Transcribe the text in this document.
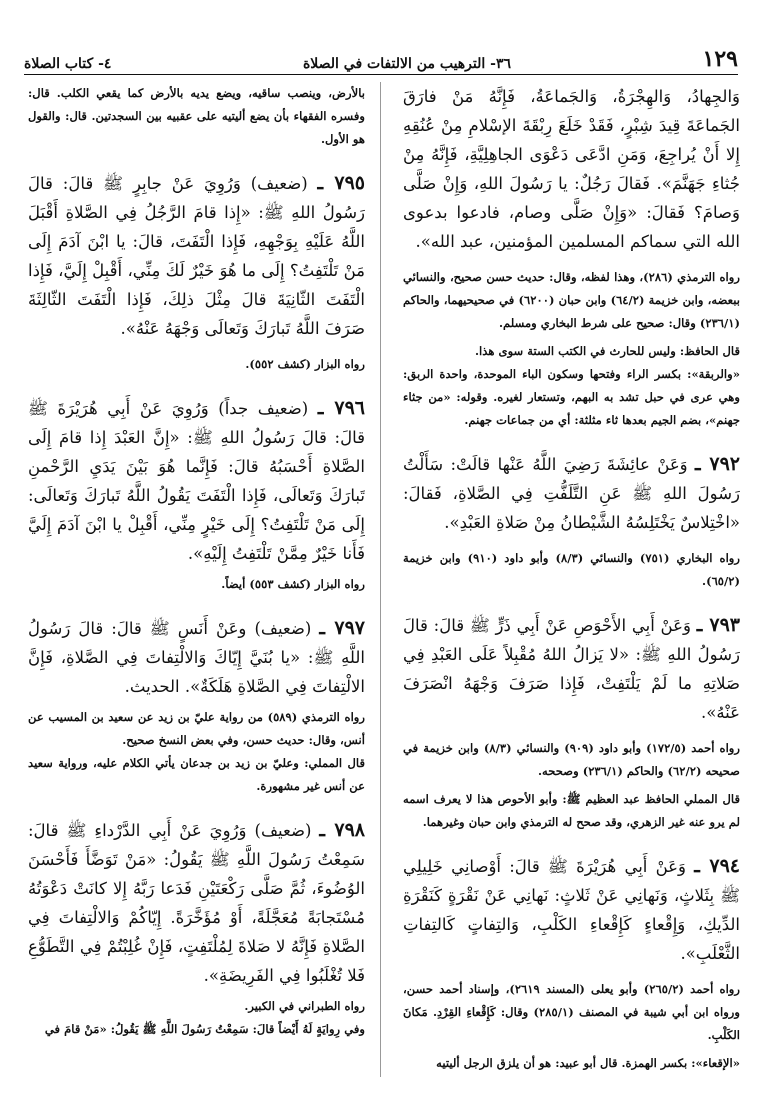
١٢٩
٣٦- الترهيب من الالتفات في الصلاة
٤- كتاب الصلاة

وَالجِهادُ، وَالهِجْرَةُ، وَالجَماعَةُ، فَإِنَّهُ مَنْ فارَقَ الجَماعَةَ قِيدَ شِبْرٍ، فَقَدْ خَلَعَ رِبْقَةَ الإسْلامِ مِنْ عُنُقِهِ إِلا أَنْ يُراجِعَ، وَمَنِ ادَّعَى دَعْوَى الجاهِلِيَّةِ، فَإِنَّهُ مِنْ جُثاءِ جَهَنَّمَ». فَقالَ رَجُلٌ: يا رَسُولَ اللهِ، وَإِنْ صَلَّى وَصامَ؟ فَقالَ: «وَإِنْ صَلَّى وصام، فادعوا بدعوى الله التي سماكم المسلمين المؤمنين، عبد الله».

رواه الترمذي (٢٨٦)، وهذا لفظه، وقال: حديث حسن صحيح، والنسائي ببعضه، وابن خزيمة (٦٤/٢) وابن حبان (٦٢٠٠) في صحيحيهما، والحاكم (٢٣٦/١) وقال: صحيح على شرط البخاري ومسلم.

قال الحافظ: وليس للحارث في الكتب الستة سوى هذا.

«والربقة»: بكسر الراء وفتحها وسكون الباء الموحدة، واحدة الربق: وهي عرى في حبل تشد به البهم، وتستعار لغيره. وقوله: «من جثاء جهنم»، بضم الجيم بعدها ثاء مثلثة: أي من جماعات جهنم.

٧٩٢ ـ وَعَنْ عائِشَةَ رَضِيَ اللَّهُ عَنْها قالَتْ: سَأَلْتُ رَسُولَ اللهِ ﷺ عَنِ التَّلَفُّتِ فِي الصَّلاةِ، فَقالَ: «اخْتِلاسٌ يَخْتَلِسُهُ الشَّيْطانُ مِنْ صَلاةِ العَبْدِ».

رواه البخاري (٧٥١) والنسائي (٨/٣) وأبو داود (٩١٠) وابن خزيمة (٦٥/٢).

٧٩٣ ـ وَعَنْ أَبِي الأَحْوَصِ عَنْ أَبِي ذَرٍّ ﷺ قالَ: قالَ رَسُولُ اللهِ ﷺ: «لا يَزالُ اللهُ مُقْبِلاً عَلَى العَبْدِ فِي صَلاتِهِ ما لَمْ يَلْتَفِتْ، فَإِذا صَرَفَ وَجْهَهُ انْصَرَفَ عَنْهُ».

رواه أحمد (١٧٢/٥) وأبو داود (٩٠٩) والنسائي (٨/٣) وابن خزيمة في صحيحه (٦٢/٢) والحاكم (٢٣٦/١) وصححه.

قال المملي الحافظ عبد العظيم ﷺ: وأبو الأحوص هذا لا يعرف اسمه لم يرو عنه غير الزهري، وقد صحح له الترمذي وابن حبان وغيرهما.

٧٩٤ ـ وَعَنْ أَبِي هُرَيْرَةَ ﷺ قالَ: أَوْصانِي خَلِيلِي ﷺ بِثَلاثٍ، وَنَهانِي عَنْ ثَلاثٍ: نَهانِي عَنْ نَقْرَةٍ كَنَقْرَةِ الدِّيكِ، وَإِقْعاءٍ كَإِقْعاءِ الكَلْبِ، وَالتِفاتٍ كَالتِفاتِ الثَّعْلَبِ».

رواه أحمد (٢٦٥/٢) وأبو يعلى (المسند ٢٦١٩)، وإسناد أحمد حسن، ورواه ابن أبي شيبة في المصنف (٢٨٥/١) وقال: كَإِقْعاءِ القِرْدِ. مَكانَ الكَلْبِ.

«الإقعاء»: بكسر الهمزة. قال أبو عبيد: هو أن يلزق الرجل أليتيه

بالأرض، وينصب ساقيه، ويضع يديه بالأرض كما يقعي الكلب. قال: وفسره الفقهاء بأن يضع أليتيه على عقبيه بين السجدتين. قال: والقول هو الأول.

٧٩٥ ـ (ضعيف) وَرُوِيَ عَنْ جابِرٍ ﷺ قالَ: قالَ رَسُولُ اللهِ ﷺ: «إِذا قامَ الرَّجُلُ فِي الصَّلاةِ أَقْبَلَ اللَّهُ عَلَيْهِ بِوَجْهِهِ، فَإِذا الْتَفَتَ، قالَ: يا ابْنَ آدَمَ إِلَى مَنْ تَلْتَفِتُ؟ إِلَى ما هُوَ خَيْرٌ لَكَ مِنِّي، أَقْبِلْ إِلَيَّ، فَإِذا الْتَفَتَ الثّانِيَةَ قالَ مِثْلَ ذلِكَ، فَإِذا الْتَفَتَ الثّالِثَةَ صَرَفَ اللَّهُ تَبارَكَ وَتَعالَى وَجْهَهُ عَنْهُ».

رواه البزار (كشف ٥٥٢).

٧٩٦ ـ (ضعيف جداً) وَرُوِيَ عَنْ أَبِي هُرَيْرَةَ ﷺ قالَ: قالَ رَسُولُ اللهِ ﷺ: «إِنَّ العَبْدَ إِذا قامَ إِلَى الصَّلاةِ أَحْسَبُهُ قالَ: فَإِنَّما هُوَ بَيْنَ يَدَيِ الرَّحْمنِ تَبارَكَ وَتَعالَى، فَإِذا الْتَفَتَ يَقُولُ اللَّهُ تَبارَكَ وَتَعالَى: إِلَى مَنْ تَلْتَفِتُ؟ إِلَى خَيْرٍ مِنِّي، أَقْبِلْ يا ابْنَ آدَمَ إِلَيَّ فَأَنا خَيْرٌ مِمَّنْ تَلْتَفِتُ إِلَيْهِ».

رواه البزار (كشف ٥٥٣) أيضاً.

٧٩٧ ـ (ضعيف) وعَنْ أَنَسٍ ﷺ قالَ: قالَ رَسُولُ اللَّهِ ﷺ: «يا بُنَيَّ إِيّاكَ وَالالْتِفاتَ فِي الصَّلاةِ، فَإِنَّ الالْتِفاتَ فِي الصَّلاةِ هَلَكَةٌ». الحديث.

رواه الترمذي (٥٨٩) من رواية عليّ بن زيد عن سعيد بن المسيب عن أنس، وقال: حديث حسن، وفي بعض النسخ صحيح.

قال المملي: وعليّ بن زيد بن جدعان يأتي الكلام عليه، ورواية سعيد عن أنس غير مشهورة.

٧٩٨ ـ (ضعيف) وَرُوِيَ عَنْ أَبِي الدَّرْداءِ ﷺ قالَ: سَمِعْتُ رَسُولَ اللَّهِ ﷺ يَقُولُ: «مَنْ تَوَضَّأَ فَأَحْسَنَ الوُضُوءَ، ثُمَّ صَلَّى رَكْعَتَيْنِ فَدَعا رَبَّهُ إِلا كانَتْ دَعْوَتُهُ مُسْتَجابَةً مُعَجَّلَةً، أَوْ مُؤَخَّرَةً. إِيّاكُمْ وَالالْتِفاتَ فِي الصَّلاةِ فَإِنَّهُ لا صَلاةَ لِمُلْتَفِتٍ، فَإِنْ غُلِبْتُمْ فِي التَّطَوُّعِ فَلا تُغْلَبُوا فِي الفَرِيضَةِ».

رواه الطبراني في الكبير.

وفي رِوايَةٍ لَهُ أَيْضاً قالَ: سَمِعْتُ رَسُولَ اللَّهِ ﷺ يَقُولُ: «مَنْ قامَ في
